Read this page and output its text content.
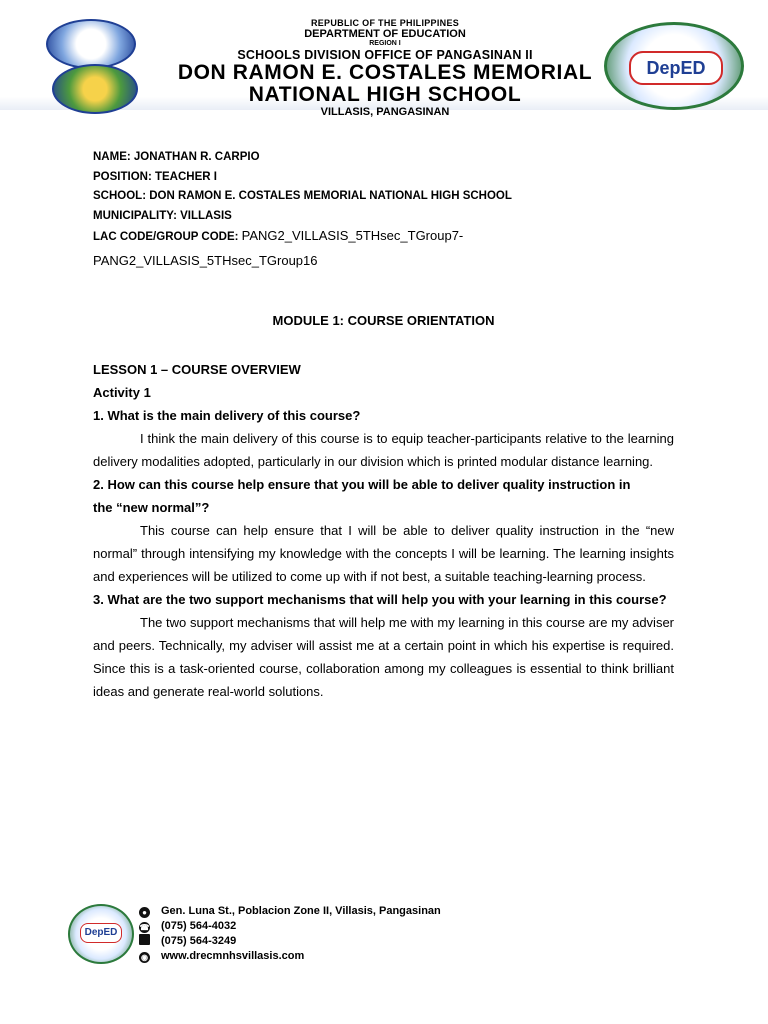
DepED
REPUBLIC OF THE PHILIPPINES
DEPARTMENT OF EDUCATION
REGION I
SCHOOLS DIVISION OFFICE OF PANGASINAN II
DON RAMON E. COSTALES MEMORIAL
NATIONAL HIGH SCHOOL
VILLASIS, PANGASINAN
NAME: JONATHAN R. CARPIO
POSITION: TEACHER I
SCHOOL: DON RAMON E. COSTALES MEMORIAL NATIONAL HIGH SCHOOL
MUNICIPALITY: VILLASIS
LAC CODE/GROUP CODE: PANG2_VILLASIS_5THsec_TGroup7-
PANG2_VILLASIS_5THsec_TGroup16
MODULE 1: COURSE ORIENTATION

LESSON 1 – COURSE OVERVIEW

Activity 1

1. What is the main delivery of this course?

I think the main delivery of this course is to equip teacher-participants relative to the learning delivery modalities adopted, particularly in our division which is printed modular distance learning.

2. How can this course help ensure that you will be able to deliver quality instruction in

the “new normal”?

This course can help ensure that I will be able to deliver quality instruction in the “new normal” through intensifying my knowledge with the concepts I will be learning. The learning insights and experiences will be utilized to come up with if not best, a suitable teaching-learning process.

3. What are the two support mechanisms that will help you with your learning in this course?

The two support mechanisms that will help me with my learning in this course are my adviser and peers. Technically, my adviser will assist me at a certain point in which his expertise is required. Since this is a task-oriented course, collaboration among my colleagues is essential to think brilliant ideas and generate real-world solutions.

DepED
● Gen. Luna St., Poblacion Zone II, Villasis, Pangasinan
☎ (075) 564-4032
(075) 564-3249
◉ www.drecmnhsvillasis.com
